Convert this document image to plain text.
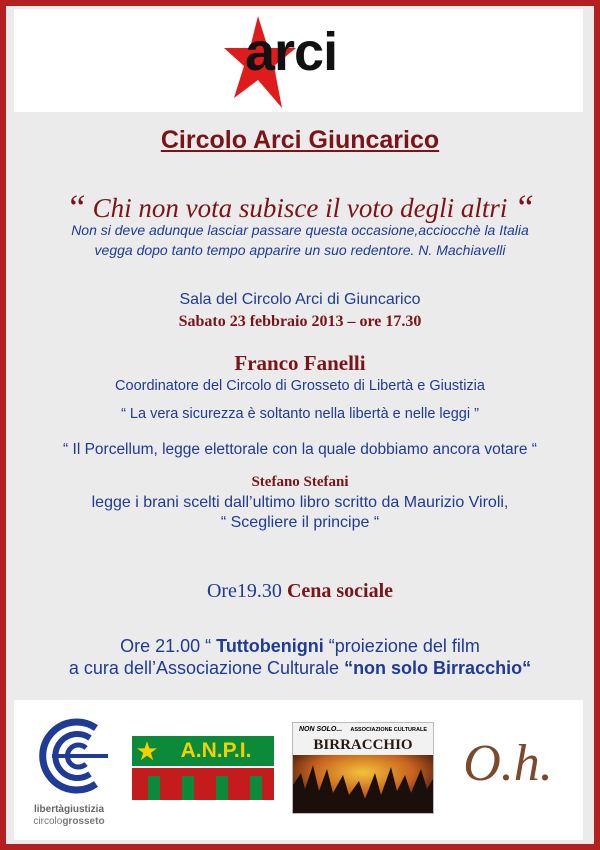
arci
Circolo Arci Giuncarico
“ Chi non vota subisce il voto degli altri “
Non si deve adunque lasciar passare questa occasione,acciocchè la Italia
vegga dopo tanto tempo apparire un suo redentore. N. Machiavelli
Sala del Circolo Arci di Giuncarico
Sabato 23 febbraio 2013 – ore 17.30
Franco Fanelli
Coordinatore del Circolo di Grosseto di Libertà e Giustizia
“ La vera sicurezza è soltanto nella libertà e nelle leggi ”
“ Il Porcellum, legge elettorale con la quale dobbiamo ancora votare “
Stefano Stefani
legge i brani scelti dall’ultimo libro scritto da Maurizio Viroli,
“ Scegliere il principe “
Ore19.30 Cena sociale
Ore 21.00 “ Tuttobenigni “proiezione del film
a cura dell’Associazione Culturale “non solo Birracchio“
libertàgiustizia
circologrosseto
★	A.N.P.I.
NON SOLO... ASSOCIAZIONE CULTURALE
BIRRACCHIO O.h.
